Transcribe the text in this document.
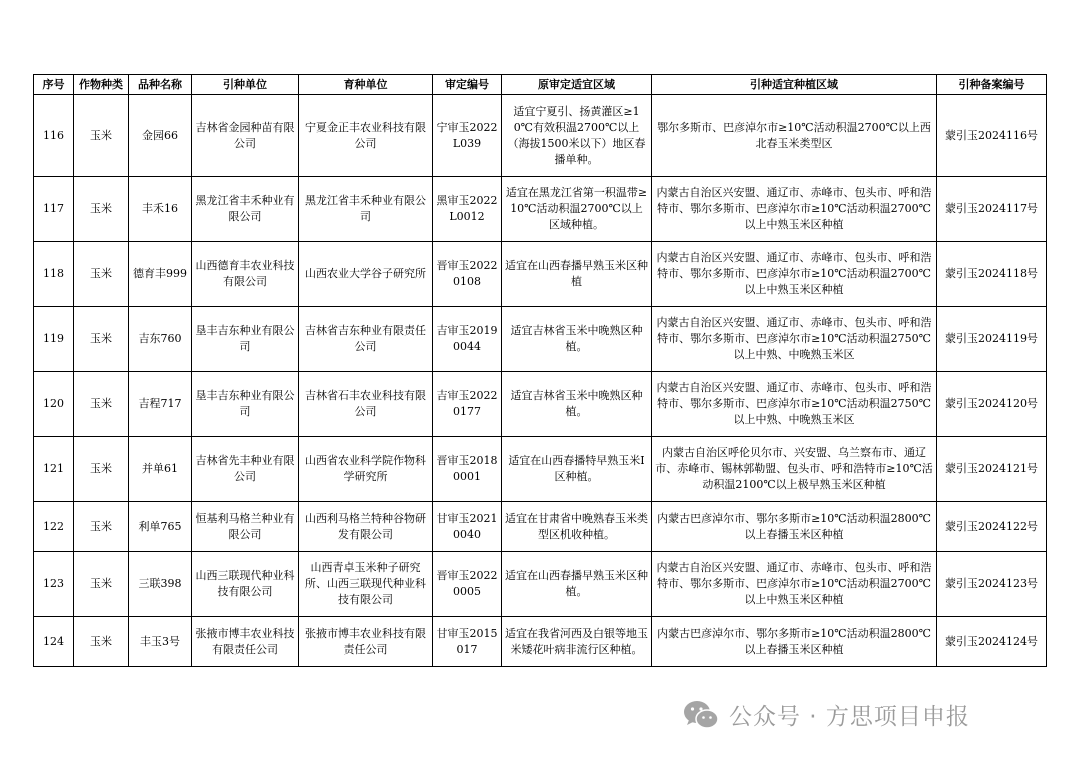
序号	作物种类	品种名称	引种单位	育种单位	审定编号	原审定适宜区域	引种适宜种植区域	引种备案编号
116	玉米	金园66	吉林省金园种苗有限公司	宁夏金正丰农业科技有限公司	宁审玉2022L039	适宜宁夏引、扬黄灌区≥10℃有效积温2700℃以上（海拔1500米以下）地区春播单种。	鄂尔多斯市、巴彦淖尔市≥10℃活动积温2700℃以上西北春玉米类型区	蒙引玉2024116号
117	玉米	丰禾16	黑龙江省丰禾种业有限公司	黑龙江省丰禾种业有限公司	黑审玉2022L0012	适宜在黑龙江省第一积温带≥10℃活动积温2700℃以上区域种植。	内蒙古自治区兴安盟、通辽市、赤峰市、包头市、呼和浩特市、鄂尔多斯市、巴彦淖尔市≥10℃活动积温2700℃以上中熟玉米区种植	蒙引玉2024117号
118	玉米	德育丰999	山西德育丰农业科技有限公司	山西农业大学谷子研究所	晋审玉20220108	适宜在山西春播早熟玉米区种植	内蒙古自治区兴安盟、通辽市、赤峰市、包头市、呼和浩特市、鄂尔多斯市、巴彦淖尔市≥10℃活动积温2700℃以上中熟玉米区种植	蒙引玉2024118号
119	玉米	吉东760	垦丰吉东种业有限公司	吉林省吉东种业有限责任公司	吉审玉20190044	适宜吉林省玉米中晚熟区种植。	内蒙古自治区兴安盟、通辽市、赤峰市、包头市、呼和浩特市、鄂尔多斯市、巴彦淖尔市≥10℃活动积温2750℃以上中熟、中晚熟玉米区	蒙引玉2024119号
120	玉米	吉程717	垦丰吉东种业有限公司	吉林省石丰农业科技有限公司	吉审玉20220177	适宜吉林省玉米中晚熟区种植。	内蒙古自治区兴安盟、通辽市、赤峰市、包头市、呼和浩特市、鄂尔多斯市、巴彦淖尔市≥10℃活动积温2750℃以上中熟、中晚熟玉米区	蒙引玉2024120号
121	玉米	并单61	吉林省先丰种业有限公司	山西省农业科学院作物科学研究所	晋审玉20180001	适宜在山西春播特早熟玉米Ⅰ区种植。	内蒙古自治区呼伦贝尔市、兴安盟、乌兰察布市、通辽市、赤峰市、锡林郭勒盟、包头市、呼和浩特市≥10℃活动积温2100℃以上极早熟玉米区种植	蒙引玉2024121号
122	玉米	利单765	恒基利马格兰种业有限公司	山西利马格兰特种谷物研发有限公司	甘审玉20210040	适宜在甘肃省中晚熟春玉米类型区机收种植。	内蒙古巴彦淖尔市、鄂尔多斯市≥10℃活动积温2800℃以上春播玉米区种植	蒙引玉2024122号
123	玉米	三联398	山西三联现代种业科技有限公司	山西青卓玉米种子研究所、山西三联现代种业科技有限公司	晋审玉20220005	适宜在山西春播早熟玉米区种植。	内蒙古自治区兴安盟、通辽市、赤峰市、包头市、呼和浩特市、鄂尔多斯市、巴彦淖尔市≥10℃活动积温2700℃以上中熟玉米区种植	蒙引玉2024123号
124	玉米	丰玉3号	张掖市博丰农业科技有限责任公司	张掖市博丰农业科技有限责任公司	甘审玉2015017	适宜在我省河西及白银等地玉米矮花叶病非流行区种植。	内蒙古巴彦淖尔市、鄂尔多斯市≥10℃活动积温2800℃以上春播玉米区种植	蒙引玉2024124号
公众号 · 方思项目申报
